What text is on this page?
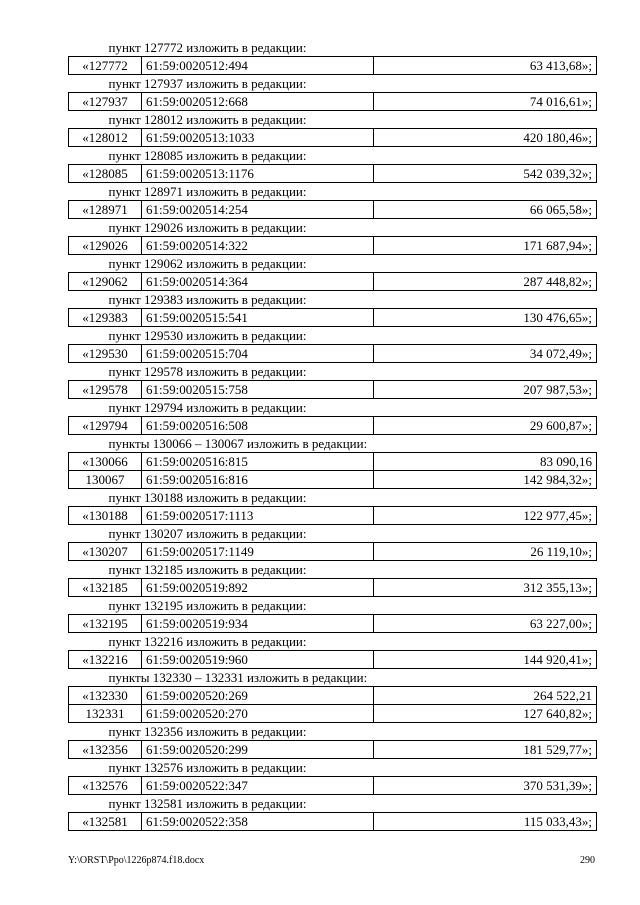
пункт 127772 изложить в редакции:		
«127772	61:59:0020512:494	63 413,68»;
пункт 127937 изложить в редакции:		
«127937	61:59:0020512:668	74 016,61»;
пункт 128012 изложить в редакции:		
«128012	61:59:0020513:1033	420 180,46»;
пункт 128085 изложить в редакции:		
«128085	61:59:0020513:1176	542 039,32»;
пункт 128971 изложить в редакции:		
«128971	61:59:0020514:254	66 065,58»;
пункт 129026 изложить в редакции:		
«129026	61:59:0020514:322	171 687,94»;
пункт 129062 изложить в редакции:		
«129062	61:59:0020514:364	287 448,82»;
пункт 129383 изложить в редакции:		
«129383	61:59:0020515:541	130 476,65»;
пункт 129530 изложить в редакции:		
«129530	61:59:0020515:704	34 072,49»;
пункт 129578 изложить в редакции:		
«129578	61:59:0020515:758	207 987,53»;
пункт 129794 изложить в редакции:		
«129794	61:59:0020516:508	29 600,87»;
пункты 130066 – 130067 изложить в редакции:		
«130066	61:59:0020516:815	83 090,16
130067	61:59:0020516:816	142 984,32»;
пункт 130188 изложить в редакции:		
«130188	61:59:0020517:1113	122 977,45»;
пункт 130207 изложить в редакции:		
«130207	61:59:0020517:1149	26 119,10»;
пункт 132185 изложить в редакции:		
«132185	61:59:0020519:892	312 355,13»;
пункт 132195 изложить в редакции:		
«132195	61:59:0020519:934	63 227,00»;
пункт 132216 изложить в редакции:		
«132216	61:59:0020519:960	144 920,41»;
пункты 132330 – 132331 изложить в редакции:		
«132330	61:59:0020520:269	264 522,21
132331	61:59:0020520:270	127 640,82»;
пункт 132356 изложить в редакции:		
«132356	61:59:0020520:299	181 529,77»;
пункт 132576 изложить в редакции:		
«132576	61:59:0020522:347	370 531,39»;
пункт 132581 изложить в редакции:		
«132581	61:59:0020522:358	115 033,43»;
Y:\ORST\Ppo\1226p874.f18.docx	290
